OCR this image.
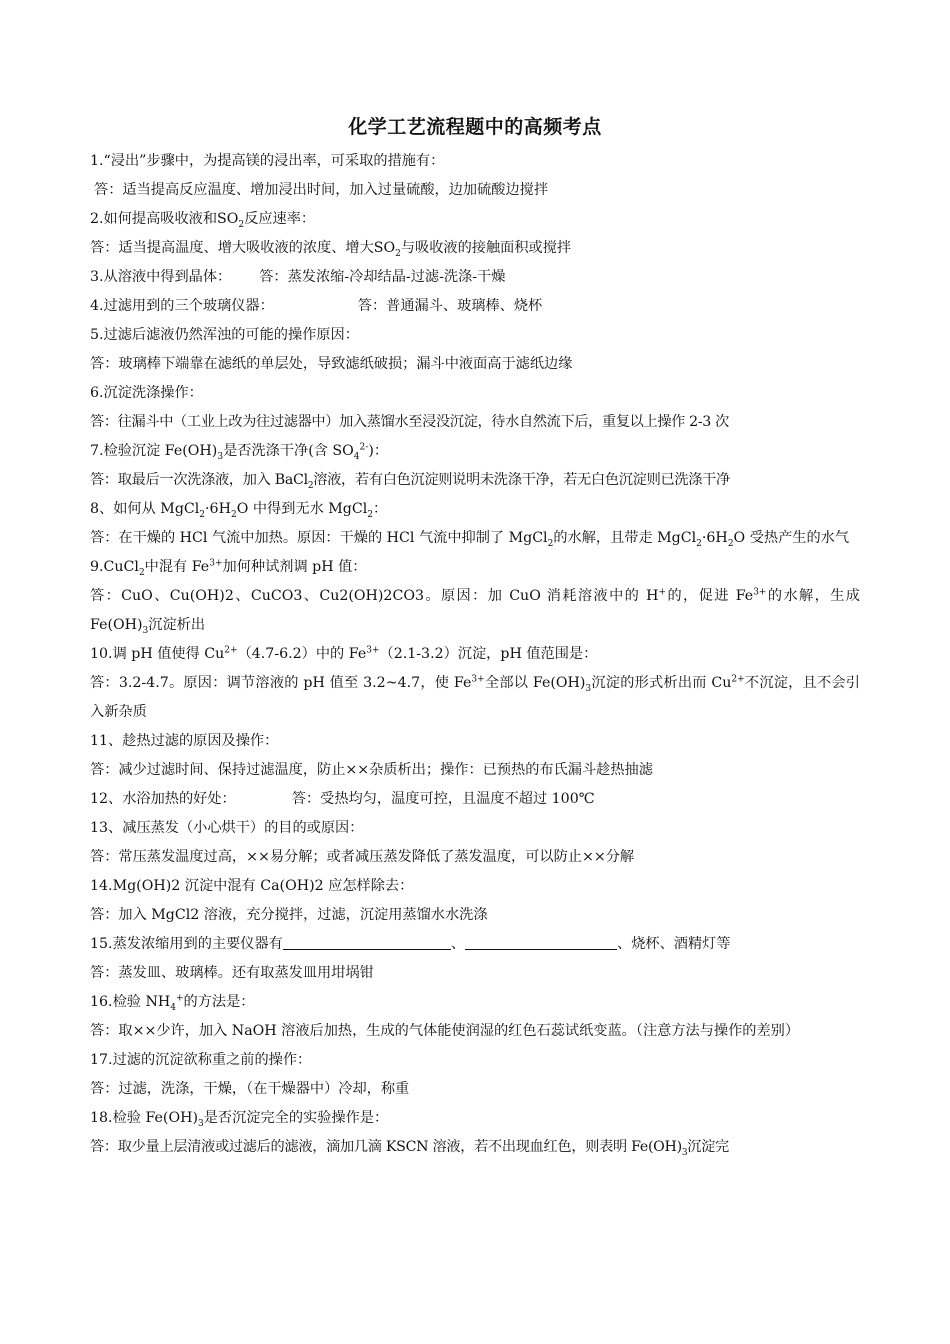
化学工艺流程题中的高频考点
1.“浸出”步骤中，为提高镁的浸出率，可采取的措施有：
答：适当提高反应温度、增加浸出时间，加入过量硫酸，边加硫酸边搅拌
2.如何提高吸收液和$SO_2$反应速率：
答：适当提高温度、增大吸收液的浓度、增大$SO_2$与吸收液的接触面积或搅拌
3.从溶液中得到晶体： 答：蒸发浓缩-冷却结晶-过滤-洗涤-干燥
4.过滤用到的三个玻璃仪器：	答：普通漏斗、玻璃棒、烧杯
5.过滤后滤液仍然浑浊的可能的操作原因：
答：玻璃棒下端靠在滤纸的单层处，导致滤纸破损；漏斗中液面高于滤纸边缘
6.沉淀洗涤操作：
答：往漏斗中（工业上改为往过滤器中）加入蒸馏水至浸没沉淀，待水自然流下后，重复以上操作 2-3 次
7.检验沉淀 $Fe(OH)_3$是否洗涤干净(含 $SO_4^{2-}$)：
答：取最后一次洗涤液，加入 BaCl$_2$溶液，若有白色沉淀则说明未洗涤干净，若无白色沉淀则已洗涤干净
8、如何从 $MgCl_2\cdot 6H_2O$ 中得到无水 MgCl$_2$：
答：在干燥的 HCl 气流中加热。原因：干燥的 HCl 气流中抑制了 MgCl$_2$的水解，且带走 $MgCl_2\cdot 6H_2O$ 受热产生的水气
9.CuCl$_2$中混有 $Fe^{3+}$加何种试剂调 pH 值：
答：CuO、Cu(OH)2、CuCO3、Cu2(OH)2CO3。原因：加 CuO 消耗溶液中的 H+的，促进 $Fe^{3+}$的水解，生成 $Fe(OH)_3$沉淀析出
10.调 pH 值使得 $Cu^{2+}(4.7-6.2)$中的 $Fe^{3+}(2.1-3.2)$沉淀，pH 值范围是：
答：3.2-4.7。原因：调节溶液的 pH 值至 3.2~4.7，使 $Fe^{3+}$全部以 $Fe(OH)_3$沉淀的形式析出而 $Cu^{2+}$不沉淀，且不会引入新杂质
11、趁热过滤的原因及操作：
答：减少过滤时间、保持过滤温度，防止××杂质析出；操作：已预热的布氏漏斗趁热抽滤
12、水浴加热的好处：	答：受热均匀，温度可控，且温度不超过 100℃
13、减压蒸发（小心烘干）的目的或原因：
答：常压蒸发温度过高，××易分解；或者减压蒸发降低了蒸发温度，可以防止××分解
14.Mg(OH)2 沉淀中混有 Ca(OH)2 应怎样除去：
答：加入 MgCl2 溶液，充分搅拌，过滤，沉淀用蒸馏水水洗涤
15.蒸发浓缩用到的主要仪器有	、	、烧杯、酒精灯等
答：蒸发皿、玻璃棒。还有取蒸发皿用坩埚钳
16.检验 $NH_4^+$的方法是：
答：取××少许，加入 NaOH 溶液后加热，生成的气体能使润湿的红色石蕊试纸变蓝。（注意方法与操作的差别）
17.过滤的沉淀欲称重之前的操作：
答：过滤，洗涤，干燥，（在干燥器中）冷却，称重
18.检验 $Fe(OH)_3$是否沉淀完全的实验操作是：
答：取少量上层清液或过滤后的滤液，滴加几滴 KSCN 溶液，若不出现血红色，则表明 $Fe(OH)_3$沉淀完
